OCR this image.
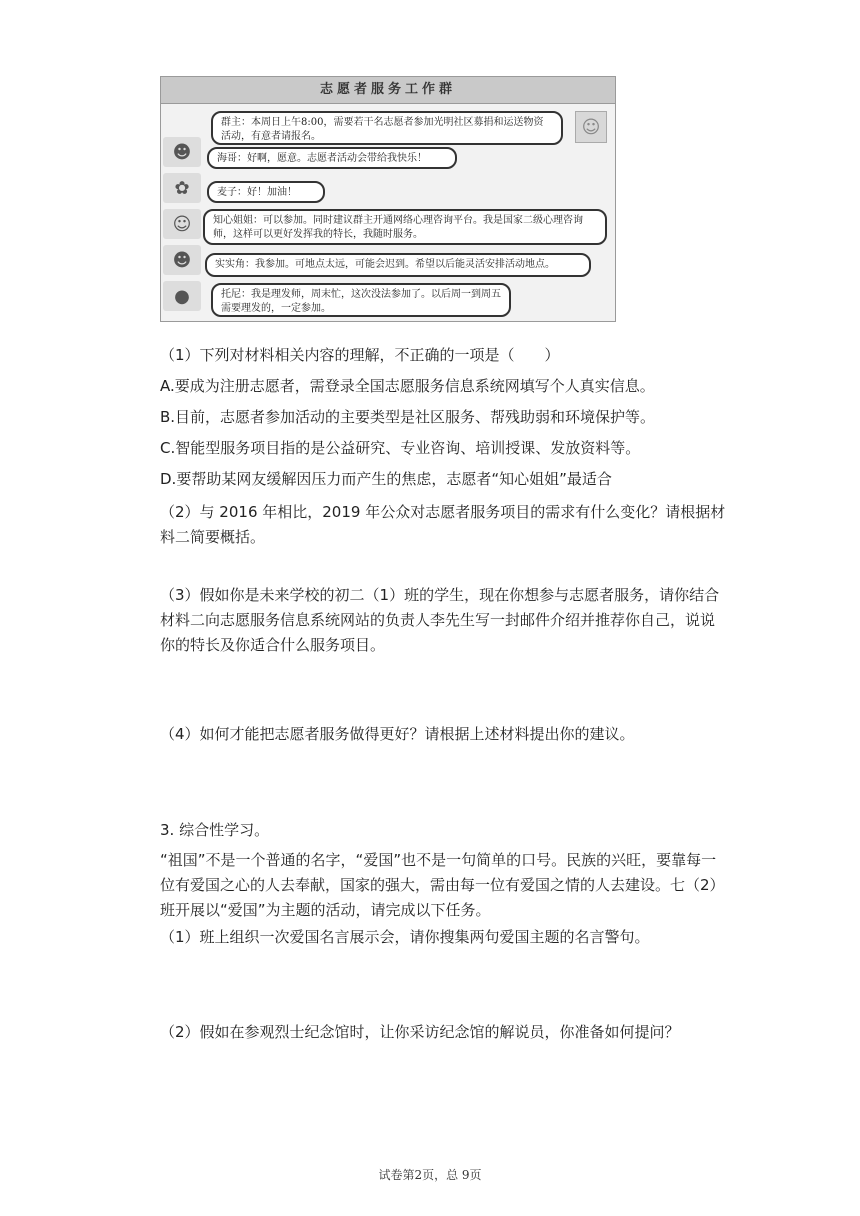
志愿者服务工作群
☺
☻
✿
☺
☻
●
群主：本周日上午8:00，需要若干名志愿者参加光明社区募捐和运送物资活动，有意者请报名。
海哥：好啊，愿意。志愿者活动会带给我快乐！
麦子：好！加油！
知心姐姐：可以参加。同时建议群主开通网络心理咨询平台。我是国家二级心理咨询师，这样可以更好发挥我的特长，我随时服务。
实实角：我参加。可地点太远，可能会迟到。希望以后能灵活安排活动地点。
托尼：我是理发师，周末忙，这次没法参加了。以后周一到周五需要理发的，一定参加。
（1）下列对材料相关内容的理解，不正确的一项是（　　）
A.要成为注册志愿者，需登录全国志愿服务信息系统网填写个人真实信息。
B.目前，志愿者参加活动的主要类型是社区服务、帮残助弱和环境保护等。
C.智能型服务项目指的是公益研究、专业咨询、培训授课、发放资料等。
D.要帮助某网友缓解因压力而产生的焦虑，志愿者“知心姐姐”最适合
（2）与 2016 年相比，2019 年公众对志愿者服务项目的需求有什么变化？请根据材料二简要概括。
（3）假如你是未来学校的初二（1）班的学生，现在你想参与志愿者服务，请你结合材料二向志愿服务信息系统网站的负责人李先生写一封邮件介绍并推荐你自己，说说你的特长及你适合什么服务项目。
（4）如何才能把志愿者服务做得更好？请根据上述材料提出你的建议。
3. 综合性学习。
“祖国”不是一个普通的名字，“爱国”也不是一句简单的口号。民族的兴旺，要靠每一位有爱国之心的人去奉献，国家的强大，需由每一位有爱国之情的人去建设。七（2）班开展以“爱国”为主题的活动，请完成以下任务。
（1）班上组织一次爱国名言展示会，请你搜集两句爱国主题的名言警句。
（2）假如在参观烈士纪念馆时，让你采访纪念馆的解说员，你准备如何提问？
试卷第2页，总 9页
